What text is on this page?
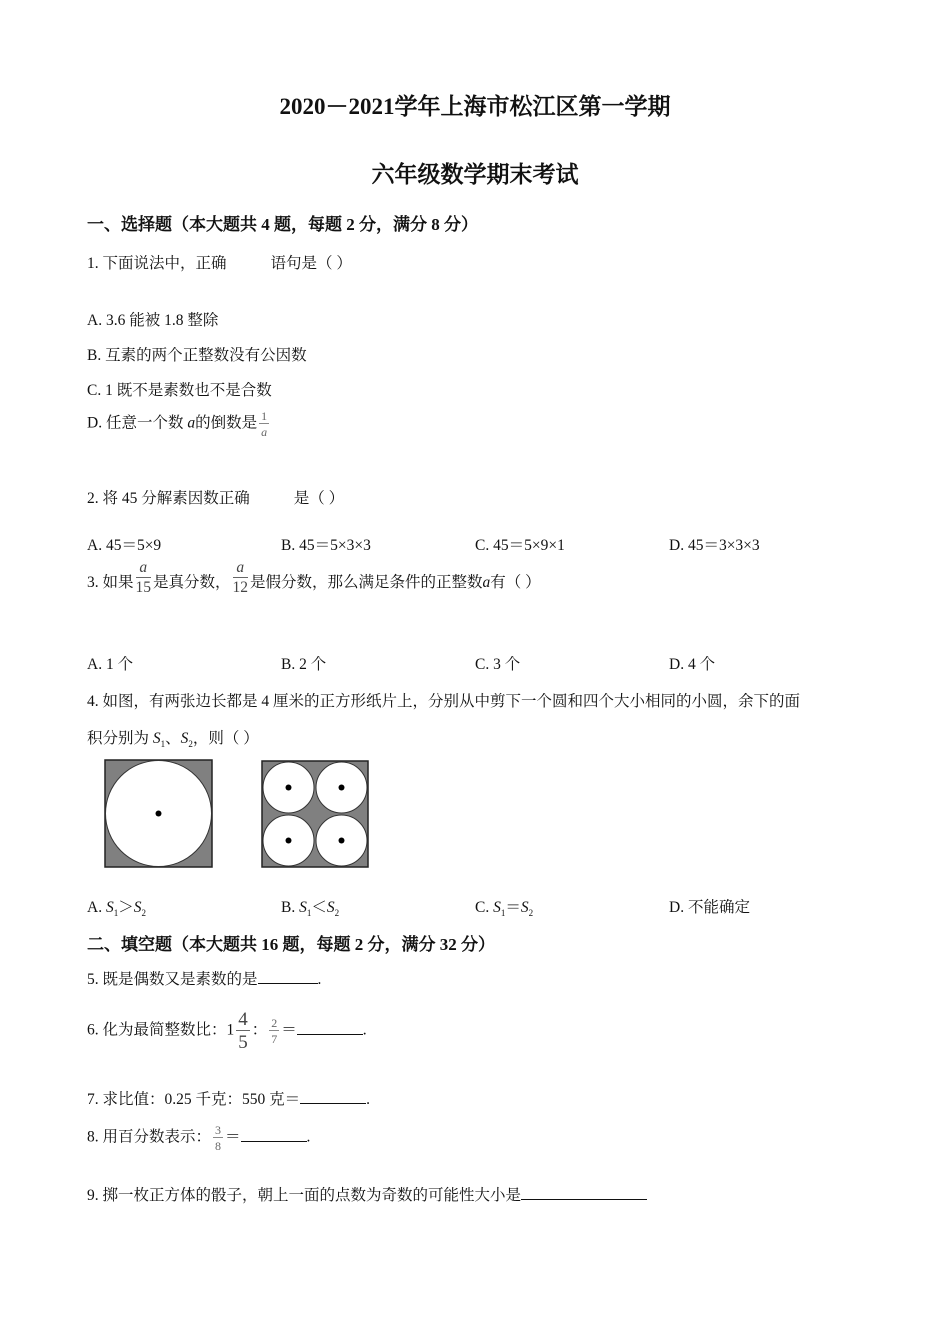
2020－2021学年上海市松江区第一学期
六年级数学期末考试
一、选择题（本大题共 4 题，每题 2 分，满分 8 分）
1. 下面说法中，正确	语句是（ ）
A. 3.6 能被 1.8 整除
B. 互素的两个正整数没有公因数
C. 1 既不是素数也不是合数
D. 任意一个数 a的倒数是 $\frac{1}{a}$
2. 将 45 分解素因数正确	是（ ）
A. 45＝5×9	B. 45＝5×3×3	C. 45＝5×9×1	D. 45＝3×3×3
3. 如果 $\frac{a}{15}$ 是真分数， $\frac{a}{12}$ 是假分数，那么满足条件的正整数a有（ ）
A. 1 个	B. 2 个	C. 3 个	D. 4 个
4. 如图，有两张边长都是 4 厘米的正方形纸片上，分别从中剪下一个圆和四个大小相同的小圆，余下的面
积分别为 $S_1$、$S_2$，则（ ）
A. $S_1>S_2$	B. $S_1<S_2$	C. $S_1=S_2$	D. 不能确定
二、填空题（本大题共 16 题，每题 2 分，满分 32 分）
5. 既是偶数又是素数的是	.
6. 化为最简整数比：$1 \frac{4}{5}$ ： $\frac{2}{7}$ ＝	.
7. 求比值：0.25 千克：550 克＝	.
8. 用百分数表示： $\frac{3}{8}$ ＝	.
9. 掷一枚正方体的骰子，朝上一面的点数为奇数的可能性大小是
